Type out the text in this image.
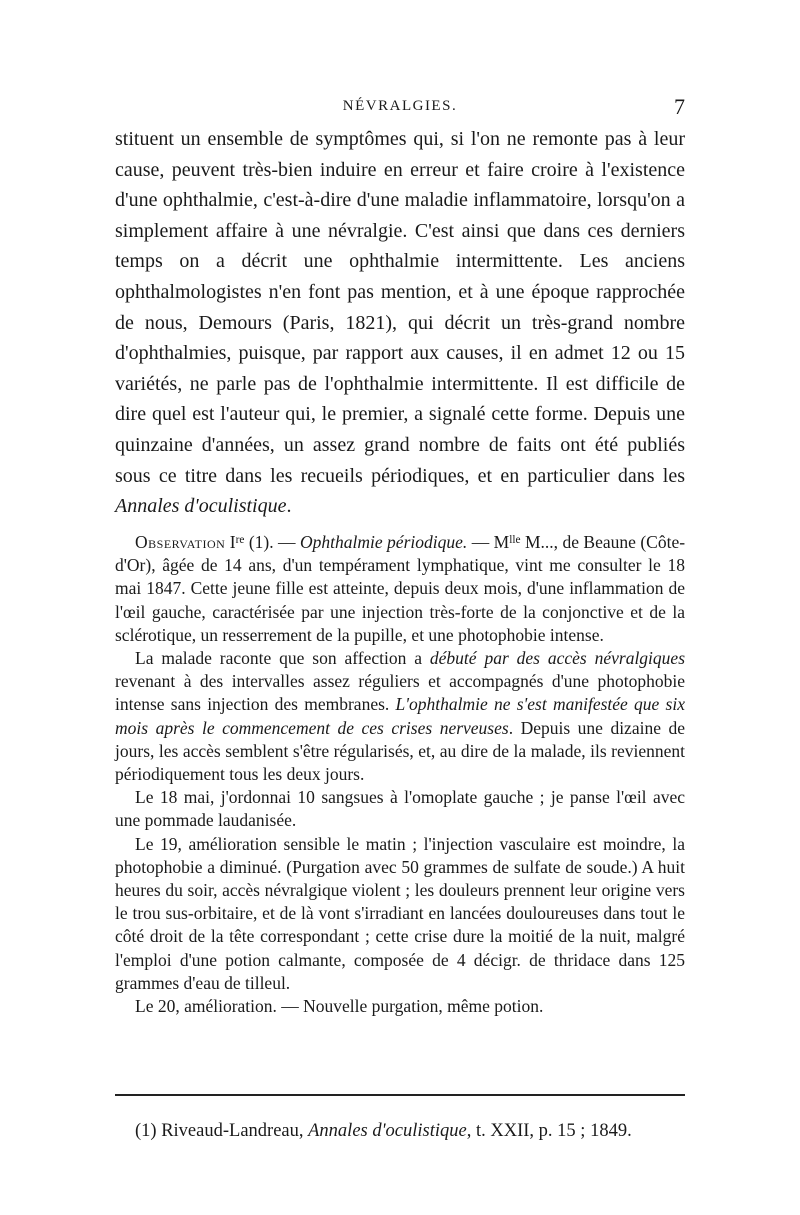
NÉVRALGIES.	7

stituent un ensemble de symptômes qui, si l'on ne remonte pas à leur cause, peuvent très-bien induire en erreur et faire croire à l'existence d'une ophthalmie, c'est-à-dire d'une maladie inflammatoire, lorsqu'on a simplement affaire à une névralgie. C'est ainsi que dans ces derniers temps on a décrit une ophthalmie intermittente. Les anciens ophthalmologistes n'en font pas mention, et à une époque rapprochée de nous, Demours (Paris, 1821), qui décrit un très-grand nombre d'ophthalmies, puisque, par rapport aux causes, il en admet 12 ou 15 variétés, ne parle pas de l'ophthalmie intermittente. Il est difficile de dire quel est l'auteur qui, le premier, a signalé cette forme. Depuis une quinzaine d'années, un assez grand nombre de faits ont été publiés sous ce titre dans les recueils périodiques, et en particulier dans les Annales d'oculistique.

Observation Ire (1). — Ophthalmie périodique. — $M^{lle}$ M..., de Beaune (Côte-d'Or), âgée de 14 ans, d'un tempérament lymphatique, vint me consulter le 18 mai 1847. Cette jeune fille est atteinte, depuis deux mois, d'une inflammation de l'œil gauche, caractérisée par une injection très-forte de la conjonctive et de la sclérotique, un resserrement de la pupille, et une photophobie intense.

La malade raconte que son affection a débuté par des accès névralgiques revenant à des intervalles assez réguliers et accompagnés d'une photophobie intense sans injection des membranes. L'ophthalmie ne s'est manifestée que six mois après le commencement de ces crises nerveuses. Depuis une dizaine de jours, les accès semblent s'être régularisés, et, au dire de la malade, ils reviennent périodiquement tous les deux jours.

Le 18 mai, j'ordonnai 10 sangsues à l'omoplate gauche ; je panse l'œil avec une pommade laudanisée.

Le 19, amélioration sensible le matin ; l'injection vasculaire est moindre, la photophobie a diminué. (Purgation avec 50 grammes de sulfate de soude.) A huit heures du soir, accès névralgique violent ; les douleurs prennent leur origine vers le trou sus-orbitaire, et de là vont s'irradiant en lancées douloureuses dans tout le côté droit de la tête correspondant ; cette crise dure la moitié de la nuit, malgré l'emploi d'une potion calmante, composée de 4 décigr. de thridace dans 125 grammes d'eau de tilleul.

Le 20, amélioration. — Nouvelle purgation, même potion.

(1) Riveaud-Landreau, Annales d'oculistique, t. XXII, p. 15 ; 1849.
